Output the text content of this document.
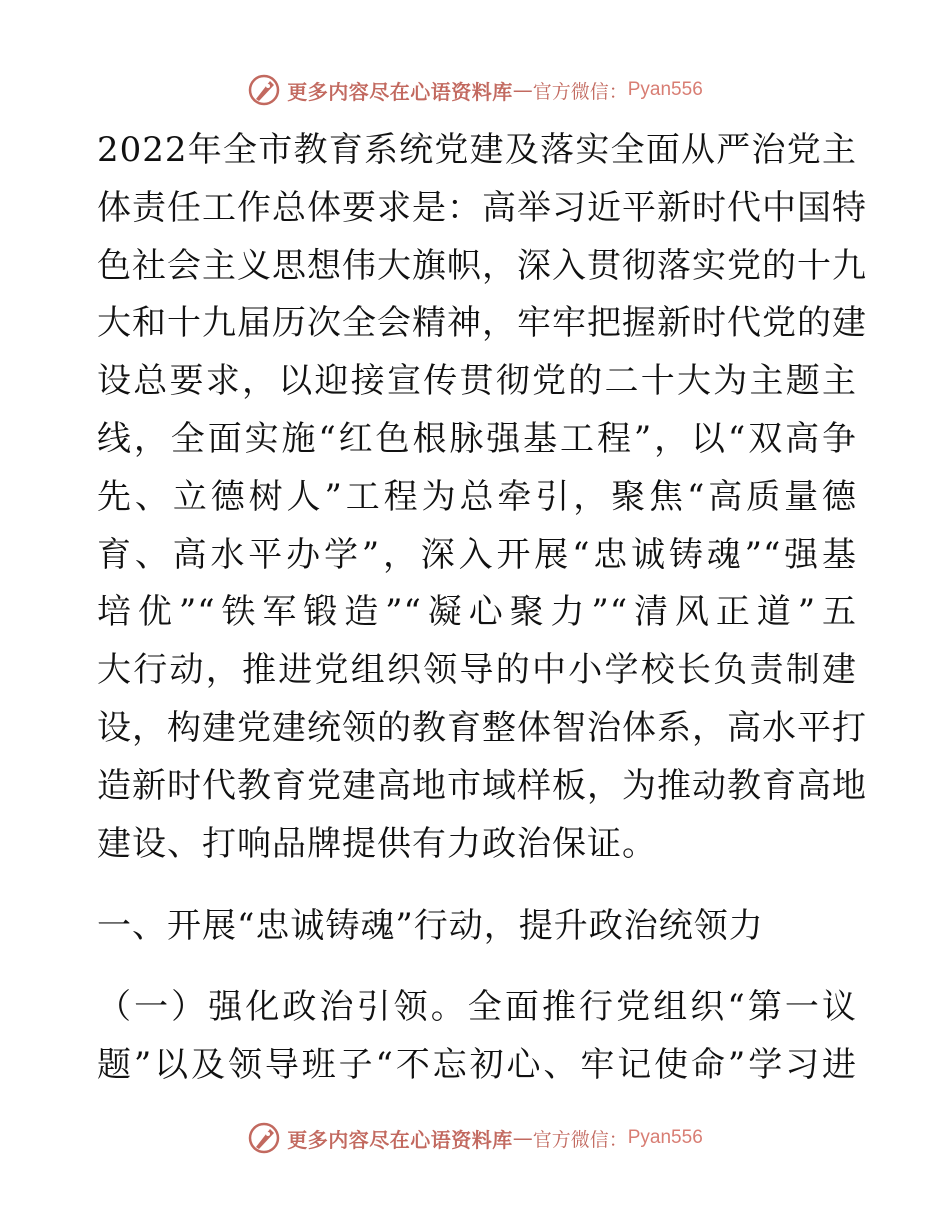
更多内容尽在心语资料库 — 官方微信： Pyan556
2022年全市教育系统党建及落实全面从严治党主
体责任工作总体要求是：高举习近平新时代中国特
色社会主义思想伟大旗帜，深入贯彻落实党的十九
大和十九届历次全会精神，牢牢把握新时代党的建
设总要求，以迎接宣传贯彻党的二十大为主题主
线，全面实施“红色根脉强基工程”，以“双高争
先、立德树人”工程为总牵引，聚焦“高质量德
育、高水平办学”，深入开展“忠诚铸魂”“强基
培优”“铁军锻造”“凝心聚力”“清风正道”五
大行动，推进党组织领导的中小学校长负责制建
设，构建党建统领的教育整体智治体系，高水平打
造新时代教育党建高地市域样板，为推动教育高地
建设、打响品牌提供有力政治保证。
一、开展“忠诚铸魂”行动，提升政治统领力
（一）强化政治引领。全面推行党组织“第一议
题”以及领导班子“不忘初心、牢记使命”学习进
更多内容尽在心语资料库 — 官方微信： Pyan556
